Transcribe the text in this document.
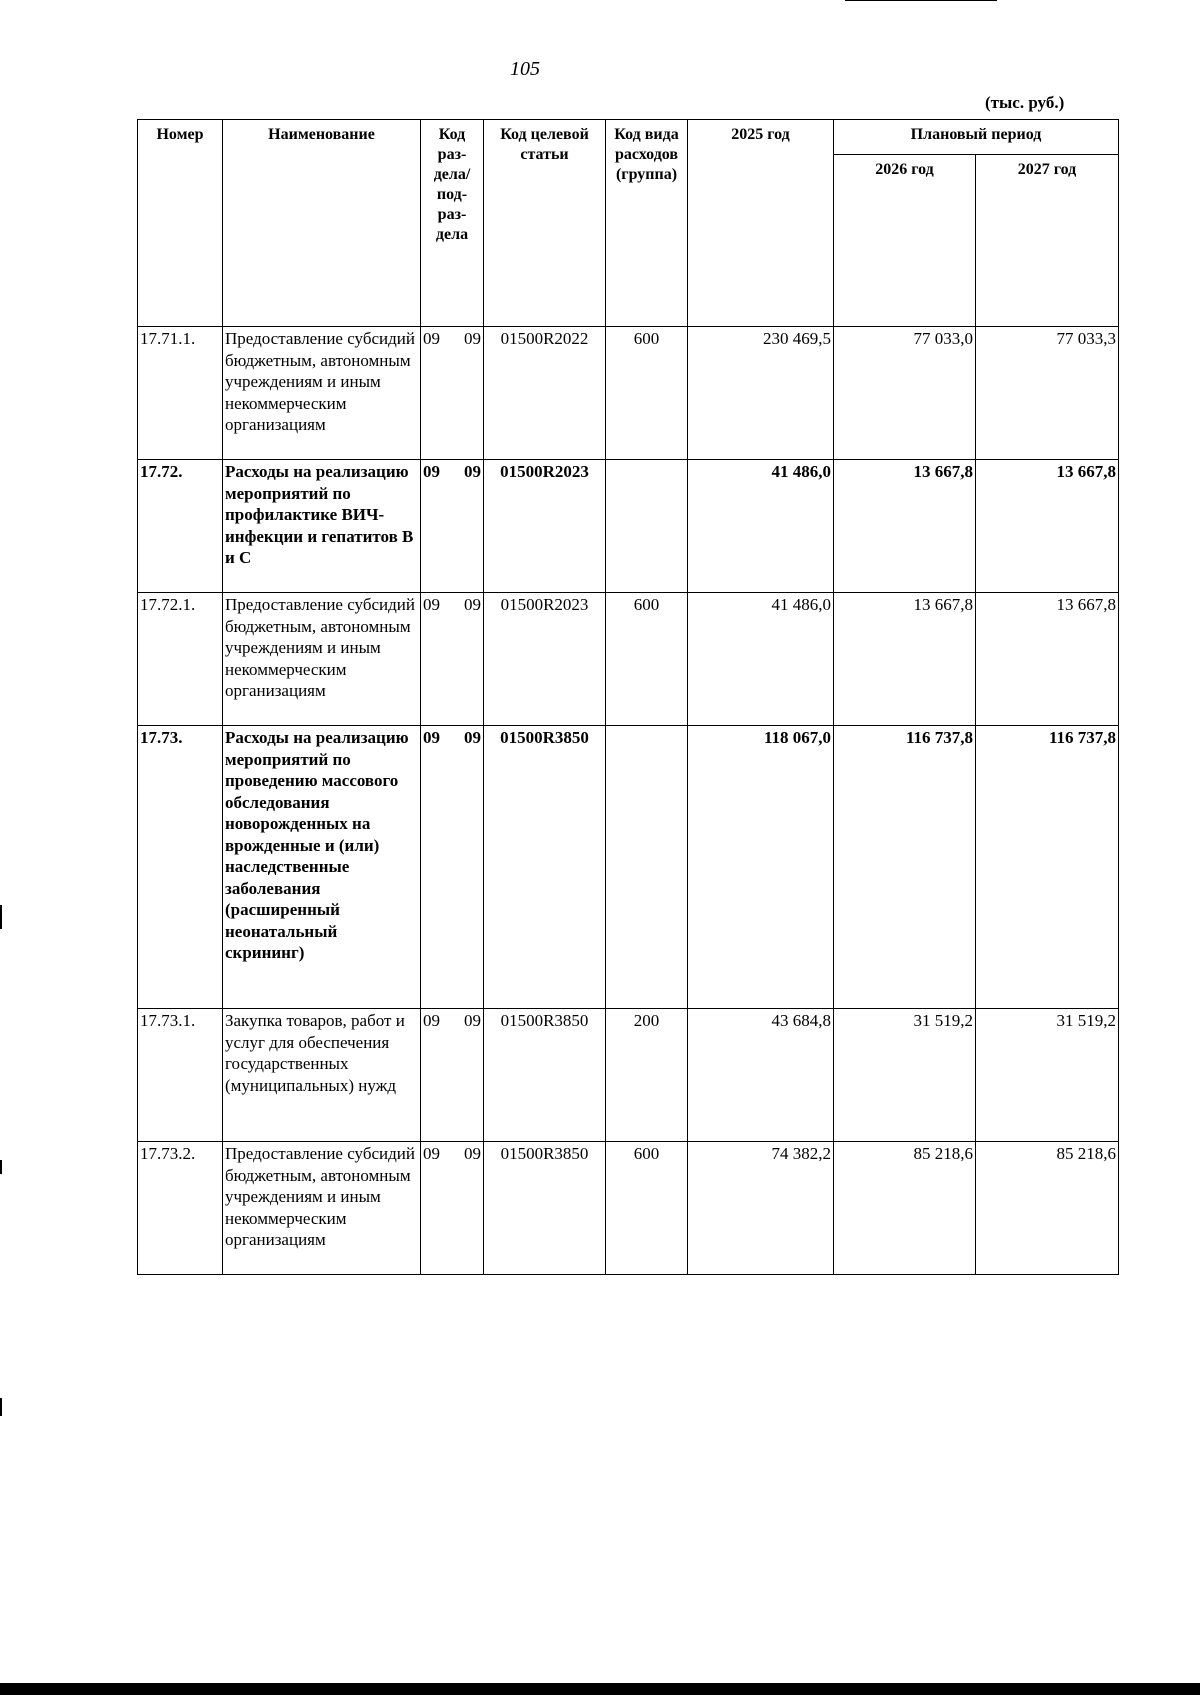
105
(тыс. руб.)
Номер	Наименование	Код раз-дела/ под-раз-дела	Код целевой статьи	Код вида расходов (группа)	2025 год	Плановый период	
						2026 год	2027 год
17.71.1.	Предоставление субсидий бюджетным, автономным учреждениям и иным некоммерческим организациям	09 09	01500R2022	600	230 469,5	77 033,0	77 033,3
17.72.	Расходы на реализацию мероприятий по профилактике ВИЧ-инфекции и гепатитов В и С	09 09	01500R2023		41 486,0	13 667,8	13 667,8
17.72.1.	Предоставление субсидий бюджетным, автономным учреждениям и иным некоммерческим организациям	09 09	01500R2023	600	41 486,0	13 667,8	13 667,8
17.73.	Расходы на реализацию мероприятий по проведению массового обследования новорожденных на врожденные и (или) наследственные заболевания (расширенный неонатальный скрининг)	09 09	01500R3850		118 067,0	116 737,8	116 737,8
17.73.1.	Закупка товаров, работ и услуг для обеспечения государственных (муниципальных) нужд	09 09	01500R3850	200	43 684,8	31 519,2	31 519,2
17.73.2.	Предоставление субсидий бюджетным, автономным учреждениям и иным некоммерческим организациям	09 09	01500R3850	600	74 382,2	85 218,6	85 218,6
